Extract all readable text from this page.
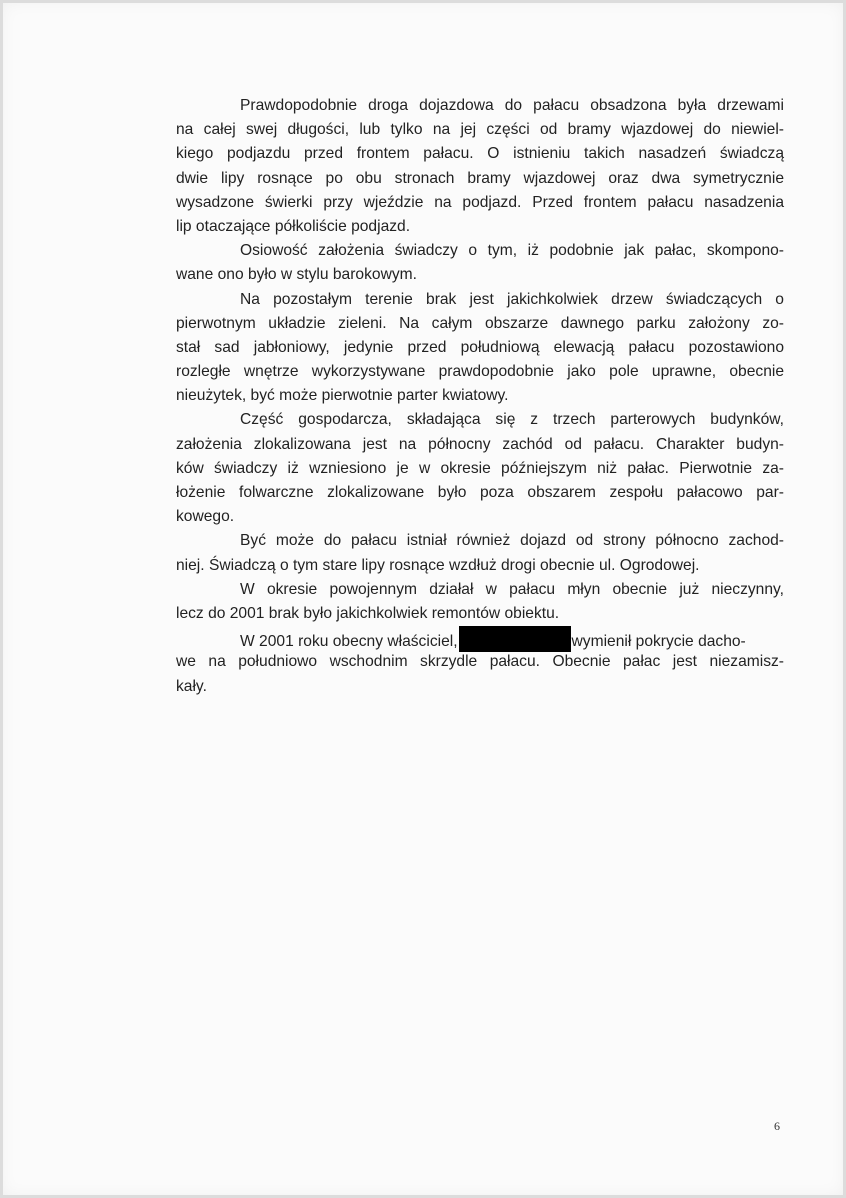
Prawdopodobnie droga dojazdowa do pałacu obsadzona była drzewami
na całej swej długości, lub tylko na jej części od bramy wjazdowej do niewiel-
kiego podjazdu przed frontem pałacu. O istnieniu takich nasadzeń świadczą
dwie lipy rosnące po obu stronach bramy wjazdowej oraz dwa symetrycznie
wysadzone świerki przy wjeździe na podjazd. Przed frontem pałacu nasadzenia
lip otaczające półkoliście podjazd.
Osiowość założenia świadczy o tym, iż podobnie jak pałac, skompono-
wane ono było w stylu barokowym.
Na pozostałym terenie brak jest jakichkolwiek drzew świadczących o
pierwotnym układzie zieleni. Na całym obszarze dawnego parku założony zo-
stał sad jabłoniowy, jedynie przed południową elewacją pałacu pozostawiono
rozległe wnętrze wykorzystywane prawdopodobnie jako pole uprawne, obecnie
nieużytek, być może pierwotnie parter kwiatowy.
Część gospodarcza, składająca się z trzech parterowych budynków,
założenia zlokalizowana jest na północny zachód od pałacu. Charakter budyn-
ków świadczy iż wzniesiono je w okresie późniejszym niż pałac. Pierwotnie za-
łożenie folwarczne zlokalizowane było poza obszarem zespołu pałacowo par-
kowego.
Być może do pałacu istniał również dojazd od strony północno zachod-
niej. Świadczą o tym stare lipy rosnące wzdłuż drogi obecnie ul. Ogrodowej.
W okresie powojennym działał w pałacu młyn obecnie już nieczynny,
lecz do 2001 brak było jakichkolwiek remontów obiektu.
W 2001 roku obecny właściciel,	wymienił pokrycie dacho-
we na południowo wschodnim skrzydle pałacu. Obecnie pałac jest niezamisz-
kały.
6
